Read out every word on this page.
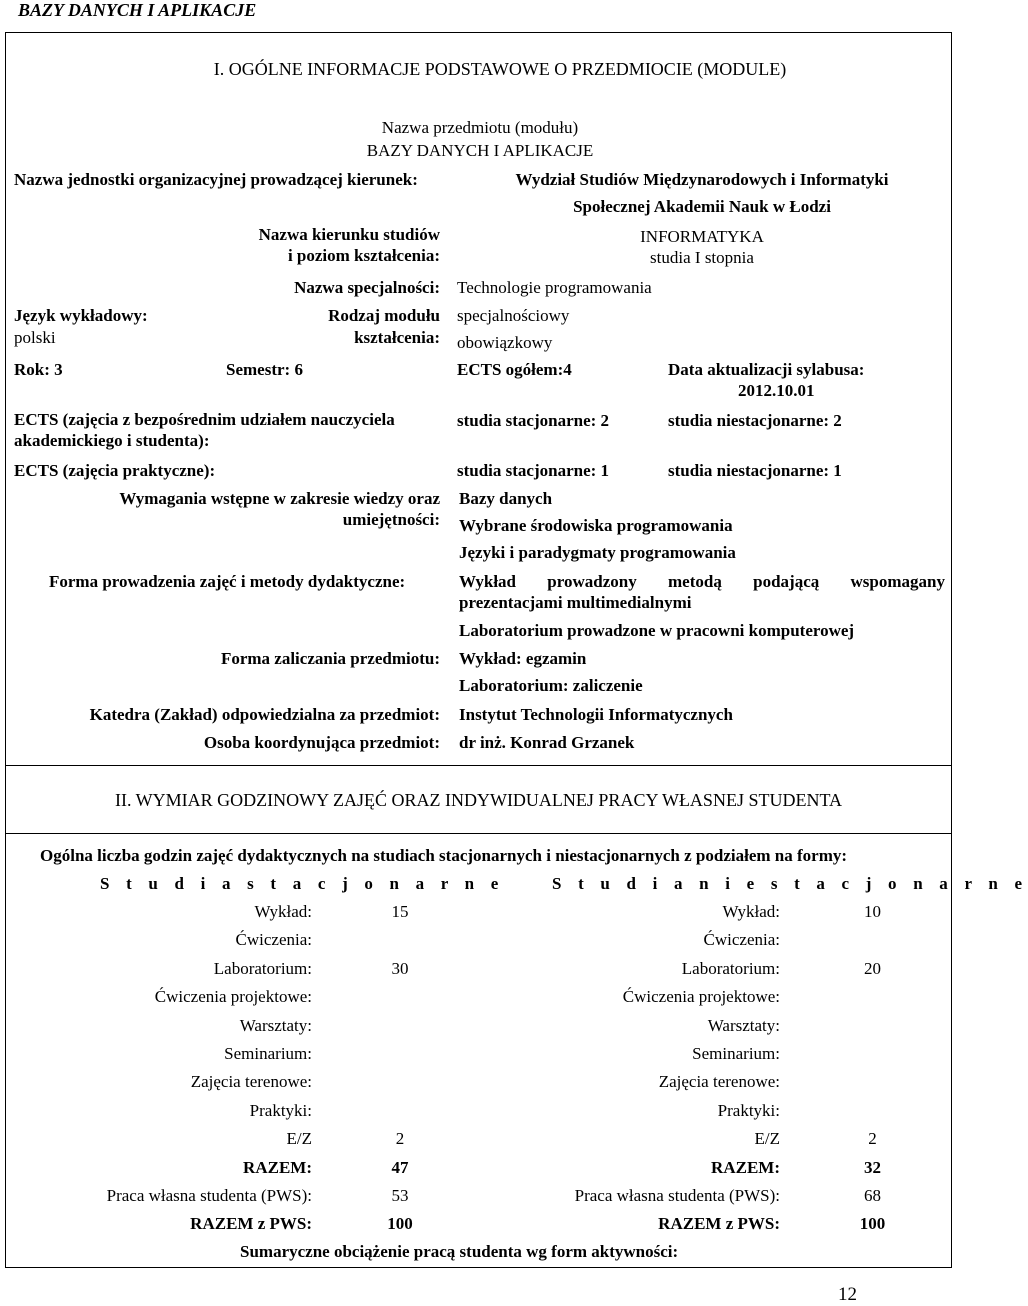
BAZY DANYCH I APLIKACJE
I. OGÓLNE INFORMACJE PODSTAWOWE O PRZEDMIOCIE (MODULE)
Nazwa przedmiotu (modułu)
BAZY DANYCH I APLIKACJE
Nazwa jednostki organizacyjnej prowadzącej kierunek:	Wydział Studiów Międzynarodowych i Informatyki
Społecznej Akademii Nauk w Łodzi
Nazwa kierunku studiów
i poziom kształcenia:
INFORMATYKA
studia I stopnia
Nazwa specjalności: Technologie programowania
Język wykładowy:
polski
Rodzaj modułu
kształcenia:
specjalnościowy
obowiązkowy
Rok: 3	Semestr: 6	ECTS ogółem:4	Data aktualizacji sylabusa:
2012.10.01
ECTS (zajęcia z bezpośrednim udziałem nauczyciela
akademickiego i studenta):
studia stacjonarne: 2	studia niestacjonarne: 2
ECTS (zajęcia praktyczne):	studia stacjonarne: 1	studia niestacjonarne: 1
Wymagania wstępne w zakresie wiedzy oraz
umiejętności:
Bazy danych
Wybrane środowiska programowania
Języki i paradygmaty programowania
Forma prowadzenia zajęć i metody dydaktyczne:	Wykład prowadzony metodą podającą wspomagany
prezentacjami multimedialnymi
Laboratorium prowadzone w pracowni komputerowej
Forma zaliczania przedmiotu: Wykład: egzamin
Laboratorium: zaliczenie
Katedra (Zakład) odpowiedzialna za przedmiot: Instytut Technologii Informatycznych
Osoba koordynująca przedmiot: dr inż. Konrad Grzanek
II. WYMIAR GODZINOWY ZAJĘĆ ORAZ INDYWIDUALNEJ PRACY WŁASNEJ STUDENTA
Ogólna liczba godzin zajęć dydaktycznych na studiach stacjonarnych i niestacjonarnych z podziałem na formy:
S t u d i a s t a c j o n a r n e	S t u d i a n i e s t a c j o n a r n e
Wykład:	15	Wykład:	10
Ćwiczenia:	Ćwiczenia:
Laboratorium:	30	Laboratorium:	20
Ćwiczenia projektowe:	Ćwiczenia projektowe:
Warsztaty:	Warsztaty:
Seminarium:	Seminarium:
Zajęcia terenowe:	Zajęcia terenowe:
Praktyki:	Praktyki:
E/Z	2	E/Z	2
RAZEM:	47	RAZEM:	32
Praca własna studenta (PWS):	53	Praca własna studenta (PWS):	68
RAZEM z PWS:	100	RAZEM z PWS:	100
Sumaryczne obciążenie pracą studenta wg form aktywności:
12
